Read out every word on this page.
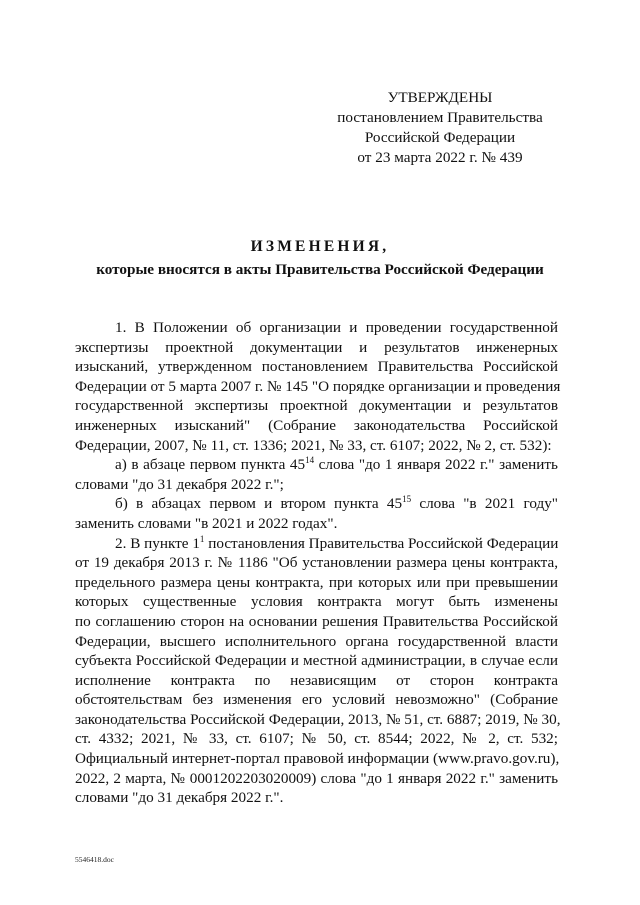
УТВЕРЖДЕНЫ
постановлением Правительства
Российской Федерации
от 23 марта 2022 г. № 439
ИЗМЕНЕНИЯ,
которые вносятся в акты Правительства Российской Федерации
1. В Положении об организации и проведении государственной
экспертизы проектной документации и результатов инженерных
изысканий, утвержденном постановлением Правительства Российской
Федерации от 5 марта 2007 г. № 145 "О порядке организации и проведения
государственной экспертизы проектной документации и результатов
инженерных изысканий" (Собрание законодательства Российской
Федерации, 2007, № 11, ст. 1336; 2021, № 33, ст. 6107; 2022, № 2, ст. 532):
а) в абзаце первом пункта $45^{14}$ слова "до 1 января 2022 г." заменить
словами "до 31 декабря 2022 г.";
б) в абзацах первом и втором пункта $45^{15}$ слова "в 2021 году"
заменить словами "в 2021 и 2022 годах".
2. В пункте $1^1$ постановления Правительства Российской Федерации
от 19 декабря 2013 г. № 1186 "Об установлении размера цены контракта,
предельного размера цены контракта, при которых или при превышении
которых существенные условия контракта могут быть изменены
по соглашению сторон на основании решения Правительства Российской
Федерации, высшего исполнительного органа государственной власти
субъекта Российской Федерации и местной администрации, в случае если
исполнение контракта по независящим от сторон контракта
обстоятельствам без изменения его условий невозможно" (Собрание
законодательства Российской Федерации, 2013, № 51, ст. 6887; 2019, № 30,
ст. 4332; 2021, № 33, ст. 6107; № 50, ст. 8544; 2022, № 2, ст. 532;
Официальный интернет-портал правовой информации (www.pravo.gov.ru),
2022, 2 марта, № 0001202203020009) слова "до 1 января 2022 г." заменить
словами "до 31 декабря 2022 г.".
5546418.doc
